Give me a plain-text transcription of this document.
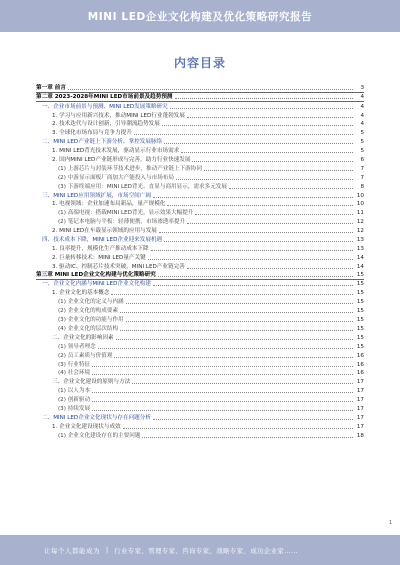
MINI LED企业文化构建及优化策略研究报告
内容目录
第一章 前言	3
第二章 2023-2028年MINI LED市场前景及趋势预测	4
一、企业市场前景与预测、MINI LED发展策略研究	4
1. 学习与应用新兴技术，推动MINI LED行业蓬勃发展	4
2. 技术迭代与设计创新，引导潮流趋势发展	4
3. 全球化市场布局与竞争力提升	5
二、MINI LED产业链上下游分析，掌控发展脉络	5
1. MINI LED背光技术发展，驱动显示行业市场需求	5
2. 国内MINI LED产业链形成与完善，助力行业快速发展	6
(1) 上游芯片与封装环节技术进步，推动产业链上下游协同	7
(2) 中游显示面板厂商加大产能投入与市场布局	7
(3) 下游终端应用：MINI LED背光、直显与商用显示，需求多元发展	8
三、MINI LED应用领域扩展，市场空间广阔	10
1. 电视领域：企业加速布局新品，量产规模化	10
(1) 高端电视：搭载MINI LED背光，显示效果大幅提升	11
(2) 笔记本电脑与平板：轻薄便携，市场渗透率提升	12
2. MINI LED在车载显示领域的应用与发展	12
四、技术成本下降，MINI LED企业迎来发展机遇	13
1. 良率提升，规模化生产推动成本下降	13
2. 巨量转移技术：MINI LED量产关键	14
3. 驱动IC、控制芯片技术突破，MINI LED产业链完善	14
第三章 MINI LED企业文化构建与优化策略研究	15
一、企业文化内涵与MINI LED企业文化构建	15
1. 企业文化的基本概念	15
(1) 企业文化的定义与内涵	15
(2) 企业文化的构成要素	15
(3) 企业文化的功能与作用	15
(4) 企业文化的层次结构	15
二、企业文化的影响因素	15
(1) 领导者理念	15
(2) 员工素质与价值观	16
(3) 行业特征	16
(4) 社会环境	16
三、企业文化建设的原则与方法	17
(1) 以人为本	17
(2) 创新驱动	17
(3) 持续发展	17
二、MINI LED企业文化现状与存在问题分析	17
1. 企业文化建设现状与成效	17
(1) 企业文化建设存在的主要问题	18
1
让每个人都能成为 | 行业专家、管理专家、咨询专家、战略专家、成功企业家……
